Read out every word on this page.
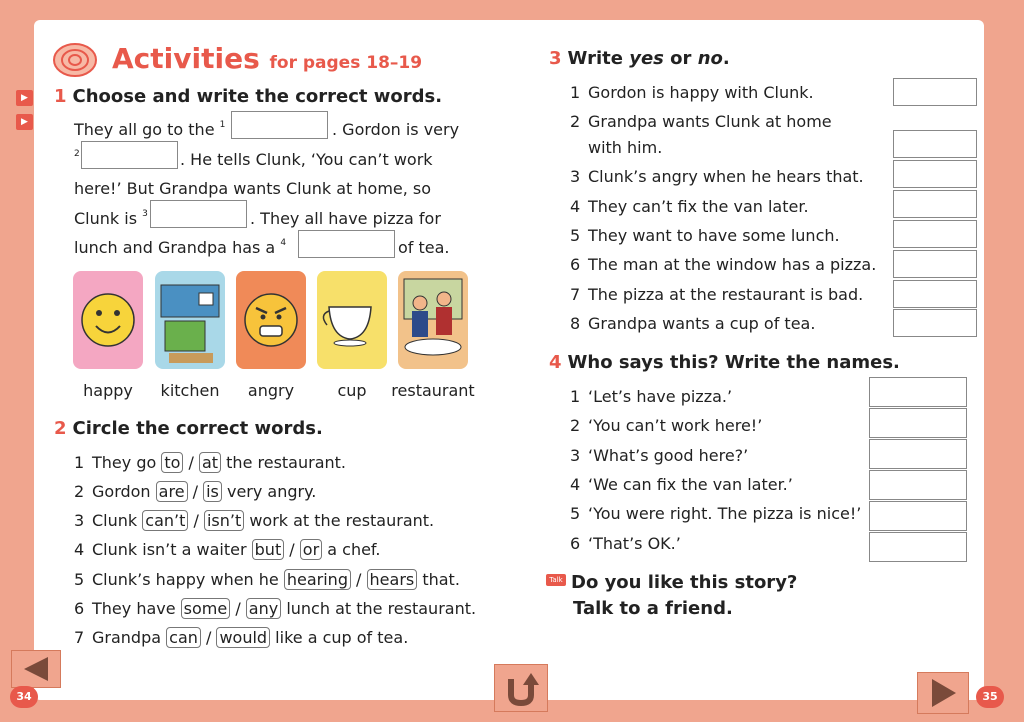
Activities for pages 18–19
▶
▶
1 Choose and write the correct words.
They all go to the $^1$	. Gordon is very
$^2$	. He tells Clunk, ‘You can’t work
here!’ But Grandpa wants Clunk at home, so
Clunk is $^3$	. They all have pizza for
lunch and Grandpa has a $^4$	of tea.
happy	kitchen	angry	cup	restaurant
2 Circle the correct words.
1 They go to / at the restaurant.
2 Gordon are / is very angry.
3 Clunk can’t / isn’t work at the restaurant.
4 Clunk isn’t a waiter but / or a chef.
5 Clunk’s happy when he hearing / hears that.
6 They have some / any lunch at the restaurant.
7 Grandpa can / would like a cup of tea.
3 Write yes or no.
1 Gordon is happy with Clunk.
2 Grandpa wants Clunk at home
with him.
3 Clunk’s angry when he hears that.
4 They can’t fix the van later.
5 They want to have some lunch.
6 The man at the window has a pizza.
7 The pizza at the restaurant is bad.
8 Grandpa wants a cup of tea.
4 Who says this? Write the names.
1 ‘Let’s have pizza.’
2 ‘You can’t work here!’
3 ‘What’s good here?’
4 ‘We can fix the van later.’
5 ‘You were right. The pizza is nice!’
6 ‘That’s OK.’
Talk Do you like this story?
Talk to a friend.
34	35
